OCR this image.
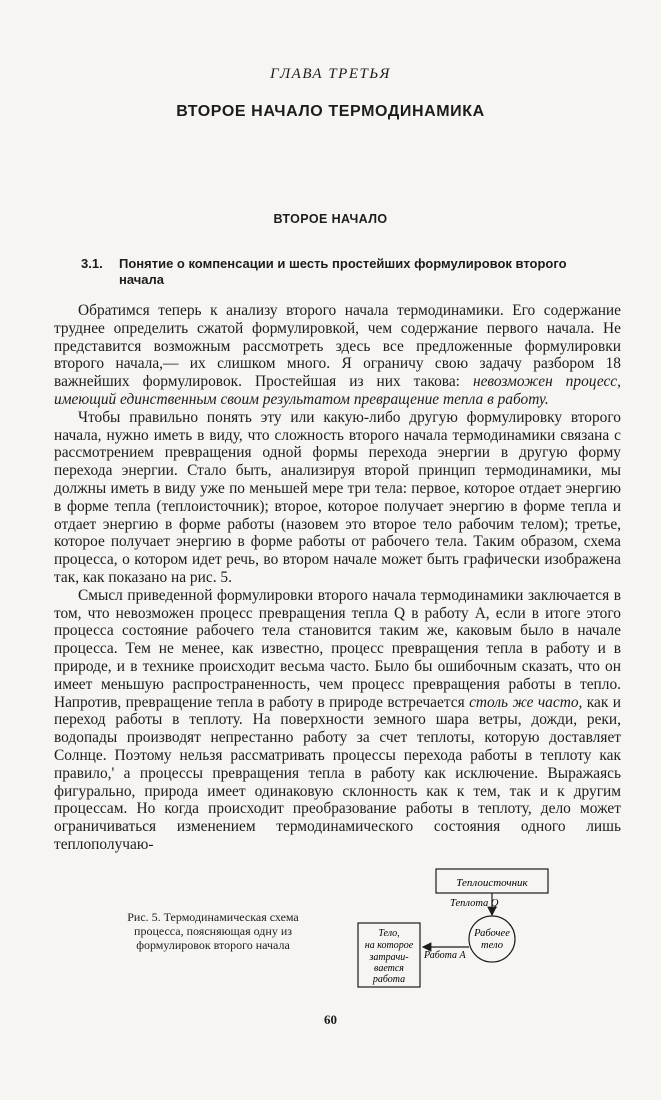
ГЛАВА ТРЕТЬЯ
ВТОРОЕ НАЧАЛО ТЕРМОДИНАМИКА
ВТОРОЕ НАЧАЛО
3.1. Понятие о компенсации и шесть простейших формулировок второго начала

Обратимся теперь к анализу второго начала термодинамики. Его содержание труднее определить сжатой формулировкой, чем содержание первого начала. Не представится возможным рассмотреть здесь все предложенные формулировки второго начала,— их слишком много. Я ограничу свою задачу разбором 18 важнейших формулировок. Простейшая из них такова: невозможен процесс, имеющий единственным своим результатом превращение тепла в работу.

Чтобы правильно понять эту или какую-либо другую формулировку второго начала, нужно иметь в виду, что сложность второго начала термодинамики связана с рассмотрением превращения одной формы перехода энергии в другую форму перехода энергии. Стало быть, анализируя второй принцип термодинамики, мы должны иметь в виду уже по меньшей мере три тела: первое, которое отдает энергию в форме тепла (теплоисточник); второе, которое получает энергию в форме тепла и отдает энергию в форме работы (назовем это второе тело рабочим телом); третье, которое получает энергию в форме работы от рабочего тела. Таким образом, схема процесса, о котором идет речь, во втором начале может быть графически изображена так, как показано на рис. 5.

Смысл приведенной формулировки второго начала термодинамики заключается в том, что невозможен процесс превращения тепла Q в работу A, если в итоге этого процесса состояние рабочего тела становится таким же, каковым было в начале процесса. Тем не менее, как известно, процесс превращения тепла в работу и в природе, и в технике происходит весьма часто. Было бы ошибочным сказать, что он имеет меньшую распространенность, чем процесс превращения работы в тепло. Напротив, превращение тепла в работу в природе встречается столь же часто, как и переход работы в теплоту. На поверхности земного шара ветры, дожди, реки, водопады производят непрестанно работу за счет теплоты, которую доставляет Солнце. Поэтому нельзя рассматривать процессы перехода работы в теплоту как правило,' а процессы превращения тепла в работу как исключение. Выражаясь фигурально, природа имеет одинаковую склонность как к тем, так и к другим процессам. Но когда происходит преобразование работы в теплоту, дело может ограничиваться изменением термодинамического состояния одного лишь теплополучаю-

Рис. 5. Термодинамическая схема процесса, поясняющая одну из формулировок второго начала
Теплоисточник
Теплота Q
Рабочее
тело
Работа A
Тело,
на которое
затрачи-
вается
работа
60
